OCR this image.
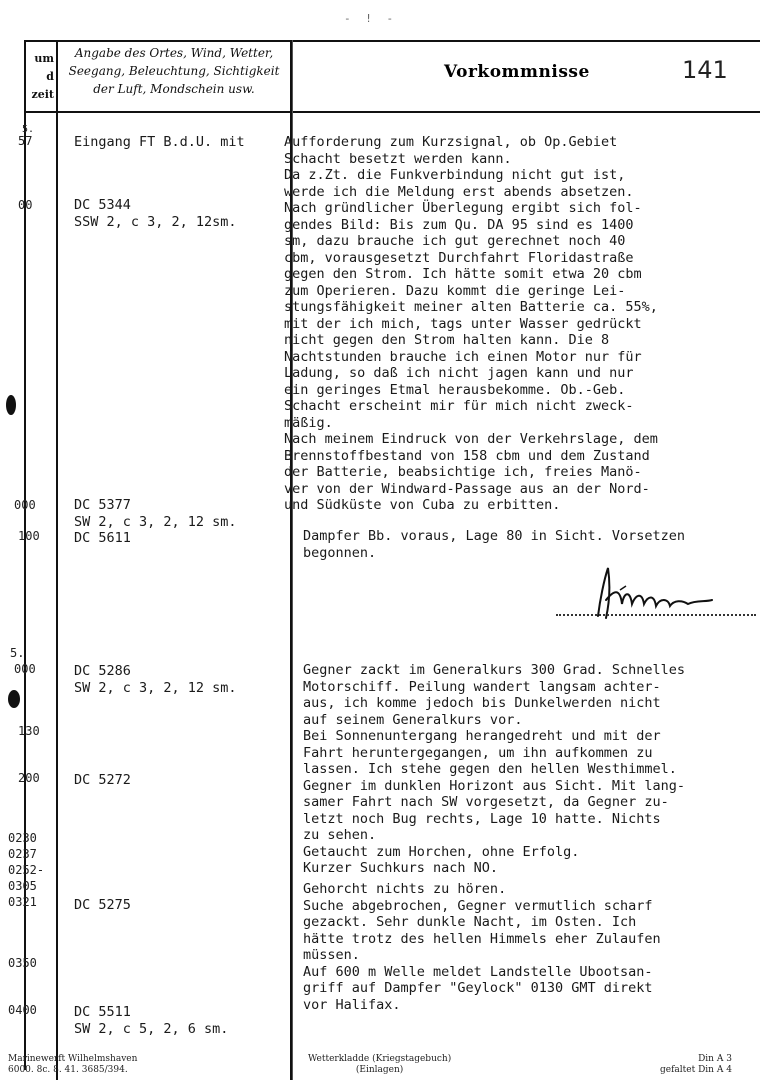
- ! -
um
d
zeit
Angabe des Ortes, Wind, Wetter,
Seegang, Beleuchtung, Sichtigkeit
der Luft, Mondschein usw.
Vorkommnisse	141
5.
57
00
000
100
5.
000
130
200
0230
0237
0252-
0305
0321
0350
0400
Eingang FT B.d.U. mit
DC 5344
SSW 2, c 3, 2, 12sm.
DC 5377
SW 2, c 3, 2, 12 sm.
DC 5611
DC 5286
SW 2, c 3, 2, 12 sm.
DC 5272
DC 5275
DC 5511
SW 2, c 5, 2, 6 sm.
Aufforderung zum Kurzsignal, ob Op.Gebiet
Schacht besetzt werden kann.
Da z.Zt. die Funkverbindung nicht gut ist,
werde ich die Meldung erst abends absetzen.
Nach gründlicher Überlegung ergibt sich fol-
gendes Bild: Bis zum Qu. DA 95 sind es 1400
sm, dazu brauche ich gut gerechnet noch 40
cbm, vorausgesetzt Durchfahrt Floridastraße
gegen den Strom. Ich hätte somit etwa 20 cbm
zum Operieren. Dazu kommt die geringe Lei-
stungsfähigkeit meiner alten Batterie ca. 55%,
mit der ich mich, tags unter Wasser gedrückt
nicht gegen den Strom halten kann. Die 8
Nachtstunden brauche ich einen Motor nur für
Ladung, so daß ich nicht jagen kann und nur
ein geringes Etmal herausbekomme. Ob.-Geb.
Schacht erscheint mir für mich nicht zweck-
mäßig.
Nach meinem Eindruck von der Verkehrslage, dem
Brennstoffbestand von 158 cbm und dem Zustand
der Batterie, beabsichtige ich, freies Manö-
ver von der Windward-Passage aus an der Nord-
und Südküste von Cuba zu erbitten.
Dampfer Bb. voraus, Lage 80 in Sicht. Vorsetzen
begonnen.
Gegner zackt im Generalkurs 300 Grad. Schnelles
Motorschiff. Peilung wandert langsam achter-
aus, ich komme jedoch bis Dunkelwerden nicht
auf seinem Generalkurs vor.
Bei Sonnenuntergang herangedreht und mit der
Fahrt heruntergegangen, um ihn aufkommen zu
lassen. Ich stehe gegen den hellen Westhimmel.
Gegner im dunklen Horizont aus Sicht. Mit lang-
samer Fahrt nach SW vorgesetzt, da Gegner zu-
letzt noch Bug rechts, Lage 10 hatte. Nichts
zu sehen.
Getaucht zum Horchen, ohne Erfolg.
Kurzer Suchkurs nach NO.
Gehorcht nichts zu hören.
Suche abgebrochen, Gegner vermutlich scharf
gezackt. Sehr dunkle Nacht, im Osten. Ich
hätte trotz des hellen Himmels eher Zulaufen
müssen.
Auf 600 m Welle meldet Landstelle Ubootsan-
griff auf Dampfer "Geylock" 0130 GMT direkt
vor Halifax.
Marinewerft Wilhelmshaven
6000. 8c. 8. 41. 3685/394.
Wetterkladde (Kriegstagebuch)
(Einlagen)
Din A 3
gefaltet Din A 4
